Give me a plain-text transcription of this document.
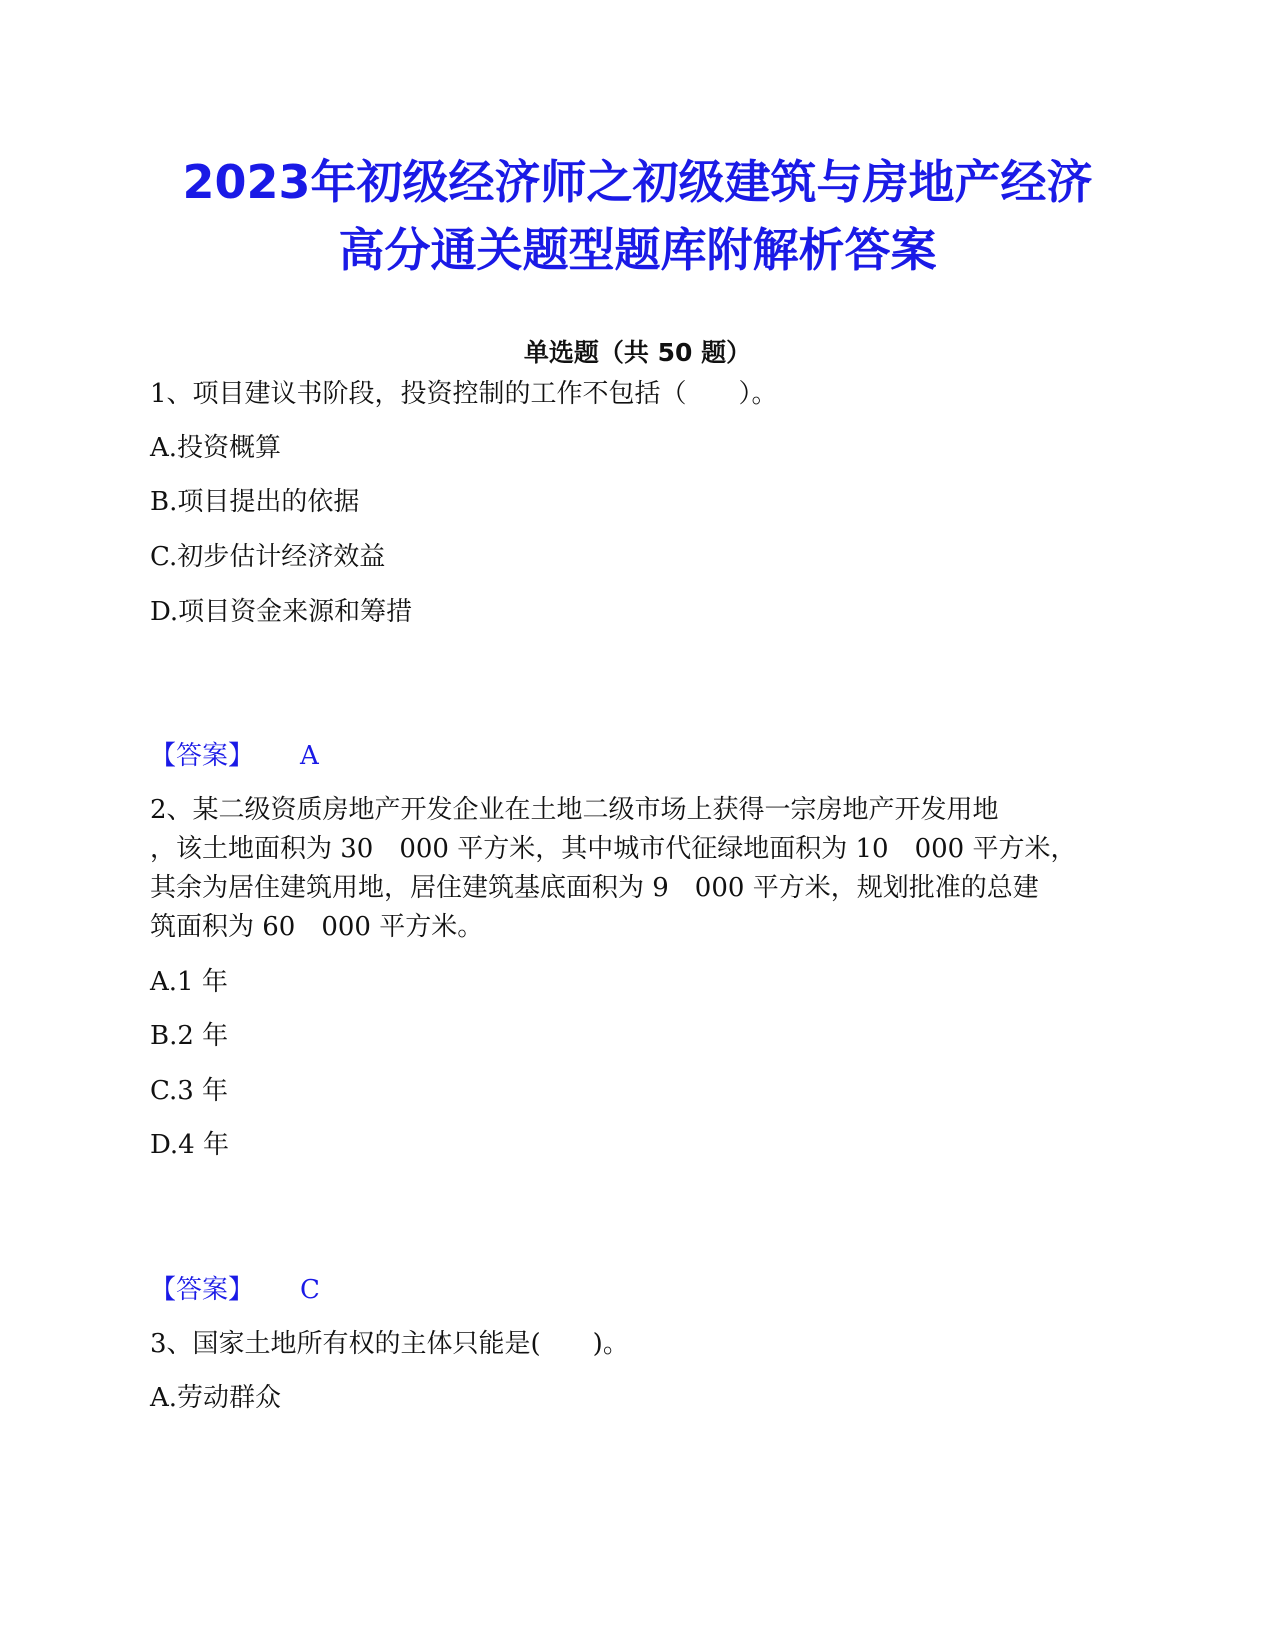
2023年初级经济师之初级建筑与房地产经济
高分通关题型题库附解析答案
单选题（共 50 题）
1、项目建议书阶段，投资控制的工作不包括（　　）。
A.投资概算
B.项目提出的依据
C.初步估计经济效益
D.项目资金来源和筹措
【答案】 A
2、某二级资质房地产开发企业在土地二级市场上获得一宗房地产开发用地
，该土地面积为 30　000 平方米，其中城市代征绿地面积为 10　000 平方米，
其余为居住建筑用地，居住建筑基底面积为 9　000 平方米，规划批准的总建
筑面积为 60　000 平方米。
A.1 年
B.2 年
C.3 年
D.4 年
【答案】 C
3、国家土地所有权的主体只能是(　　)。
A.劳动群众
